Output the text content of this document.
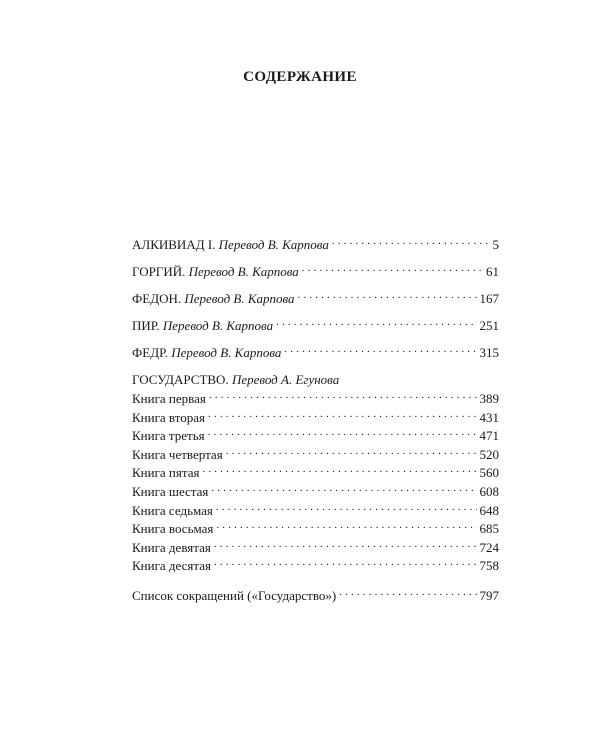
СОДЕРЖАНИЕ
АЛКИВИАД I. Перевод В. Карпова . . .	5
ГОРГИЙ. Перевод В. Карпова . . .	61
ФЕДОН. Перевод В. Карпова . . .	167
ПИР. Перевод В. Карпова . . .	251
ФЕДР. Перевод В. Карпова . . .	315
ГОСУДАРСТВО. Перевод А. Егунова
Книга первая . . .	389
Книга вторая . . .	431
Книга третья . . .	471
Книга четвертая . . .	520
Книга пятая . . .	560
Книга шестая . . .	608
Книга седьмая . . .	648
Книга восьмая . . .	685
Книга девятая . . .	724
Книга десятая . . .	758
Список сокращений («Государство») . . .	797
